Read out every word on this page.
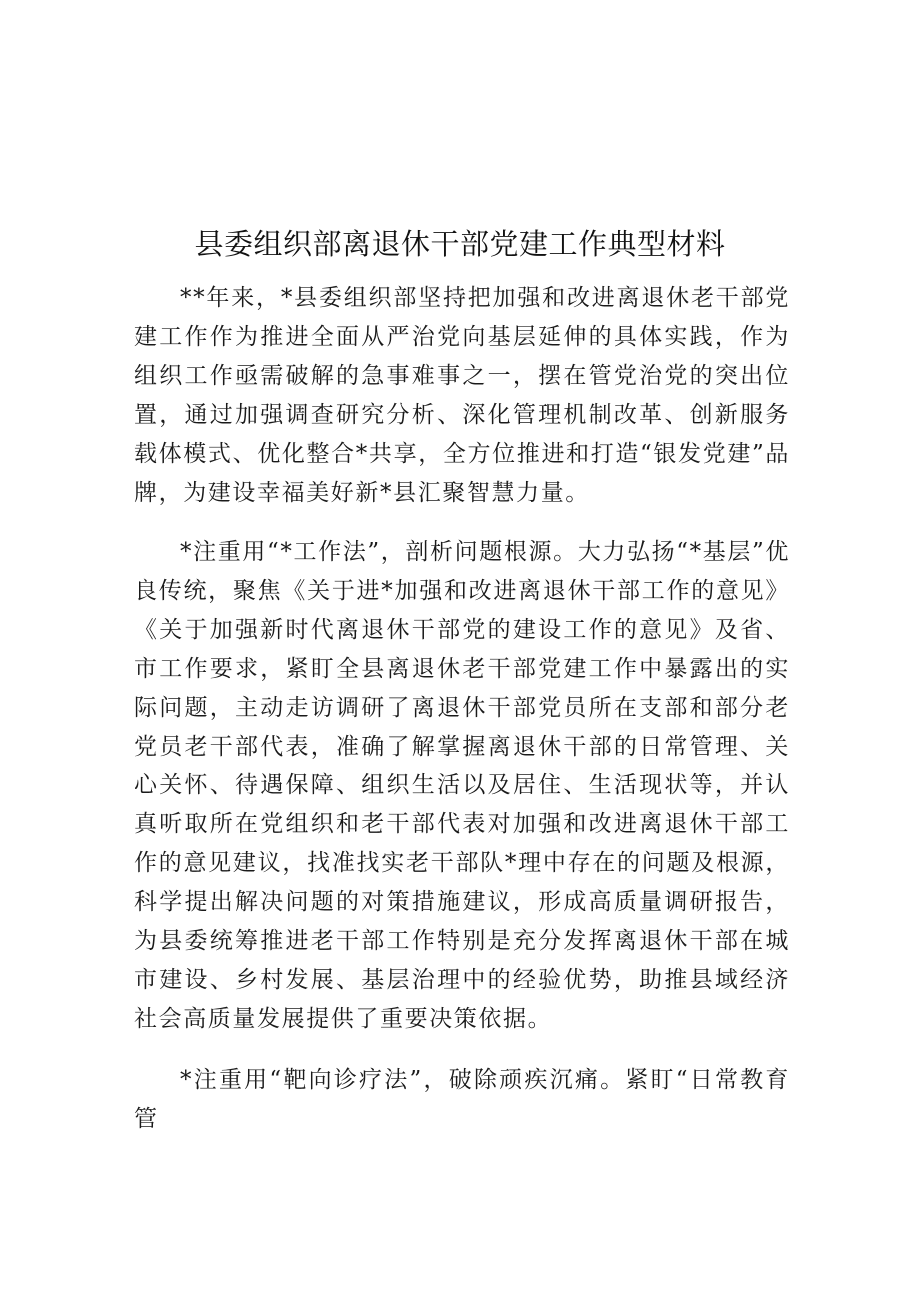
县委组织部离退休干部党建工作典型材料

**年来，*县委组织部坚持把加强和改进离退休老干部党建工作作为推进全面从严治党向基层延伸的具体实践，作为组织工作亟需破解的急事难事之一，摆在管党治党的突出位置，通过加强调查研究分析、深化管理机制改革、创新服务载体模式、优化整合*共享，全方位推进和打造“银发党建”品牌，为建设幸福美好新*县汇聚智慧力量。

*注重用“*工作法”，剖析问题根源。大力弘扬“*基层”优良传统，聚焦《关于进*加强和改进离退休干部工作的意见》《关于加强新时代离退休干部党的建设工作的意见》及省、市工作要求，紧盯全县离退休老干部党建工作中暴露出的实际问题，主动走访调研了离退休干部党员所在支部和部分老党员老干部代表，准确了解掌握离退休干部的日常管理、关心关怀、待遇保障、组织生活以及居住、生活现状等，并认真听取所在党组织和老干部代表对加强和改进离退休干部工作的意见建议，找准找实老干部队*理中存在的问题及根源，科学提出解决问题的对策措施建议，形成高质量调研报告，为县委统筹推进老干部工作特别是充分发挥离退休干部在城市建设、乡村发展、基层治理中的经验优势，助推县域经济社会高质量发展提供了重要决策依据。

*注重用“靶向诊疗法”，破除顽疾沉痛。紧盯“日常教育管
